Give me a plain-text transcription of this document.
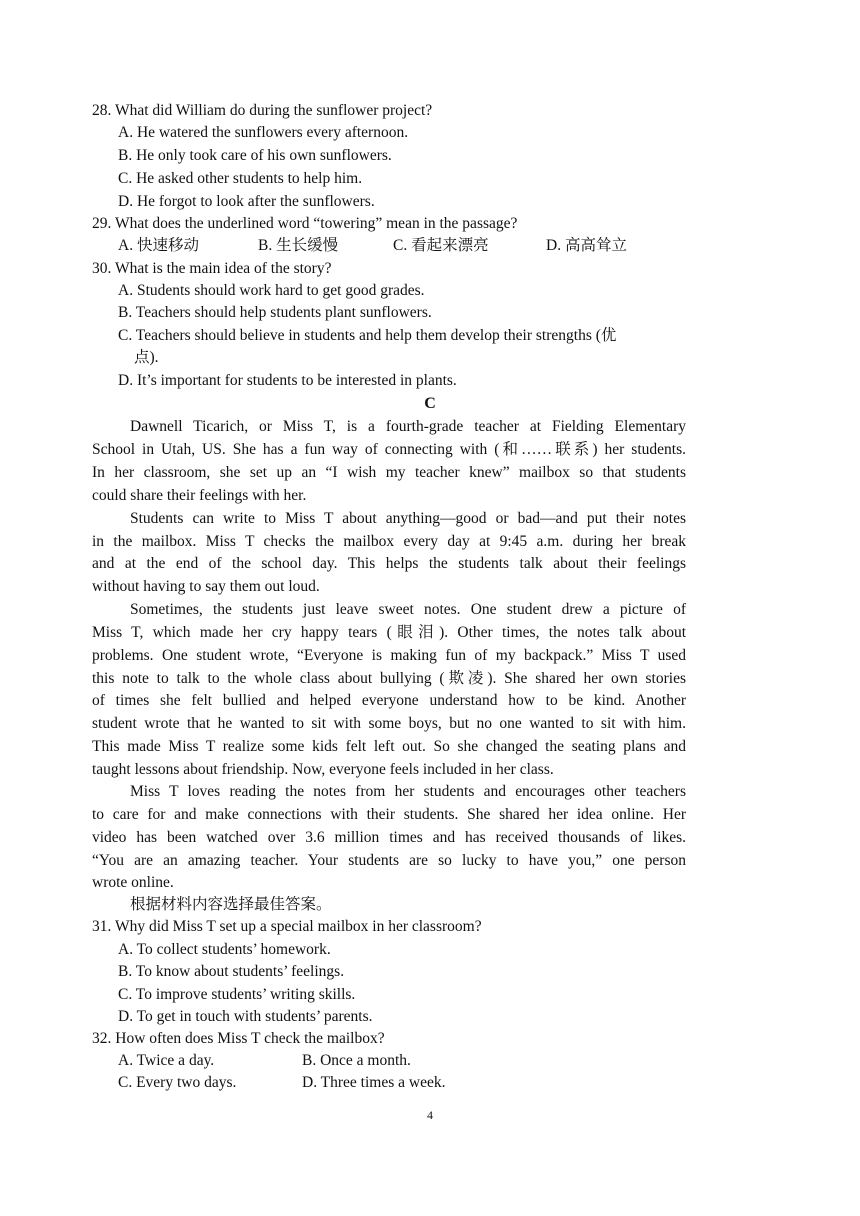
28. What did William do during the sunflower project?
A. He watered the sunflowers every afternoon.
B. He only took care of his own sunflowers.
C. He asked other students to help him.
D. He forgot to look after the sunflowers.
29. What does the underlined word “towering” mean in the passage?
A. 快速移动	B. 生长缓慢	C. 看起来漂亮	D. 高高耸立
30. What is the main idea of the story?
A. Students should work hard to get good grades.
B. Teachers should help students plant sunflowers.
C. Teachers should believe in students and help them develop their strengths (优
点).
D. It’s important for students to be interested in plants.
C
Dawnell Ticarich, or Miss T, is a fourth-grade teacher at Fielding Elementary
School in Utah, US. She has a fun way of connecting with (和……联系) her students.
In her classroom, she set up an “I wish my teacher knew” mailbox so that students
could share their feelings with her.
Students can write to Miss T about anything—good or bad—and put their notes
in the mailbox. Miss T checks the mailbox every day at 9:45 a.m. during her break
and at the end of the school day. This helps the students talk about their feelings
without having to say them out loud.
Sometimes, the students just leave sweet notes. One student drew a picture of
Miss T, which made her cry happy tears (眼泪). Other times, the notes talk about
problems. One student wrote, “Everyone is making fun of my backpack.” Miss T used
this note to talk to the whole class about bullying (欺凌). She shared her own stories
of times she felt bullied and helped everyone understand how to be kind. Another
student wrote that he wanted to sit with some boys, but no one wanted to sit with him.
This made Miss T realize some kids felt left out. So she changed the seating plans and
taught lessons about friendship. Now, everyone feels included in her class.
Miss T loves reading the notes from her students and encourages other teachers
to care for and make connections with their students. She shared her idea online. Her
video has been watched over 3.6 million times and has received thousands of likes.
“You are an amazing teacher. Your students are so lucky to have you,” one person
wrote online.
根据材料内容选择最佳答案。
31. Why did Miss T set up a special mailbox in her classroom?
A. To collect students’ homework.
B. To know about students’ feelings.
C. To improve students’ writing skills.
D. To get in touch with students’ parents.
32. How often does Miss T check the mailbox?
A. Twice a day.	B. Once a month.
C. Every two days.	D. Three times a week.
4
